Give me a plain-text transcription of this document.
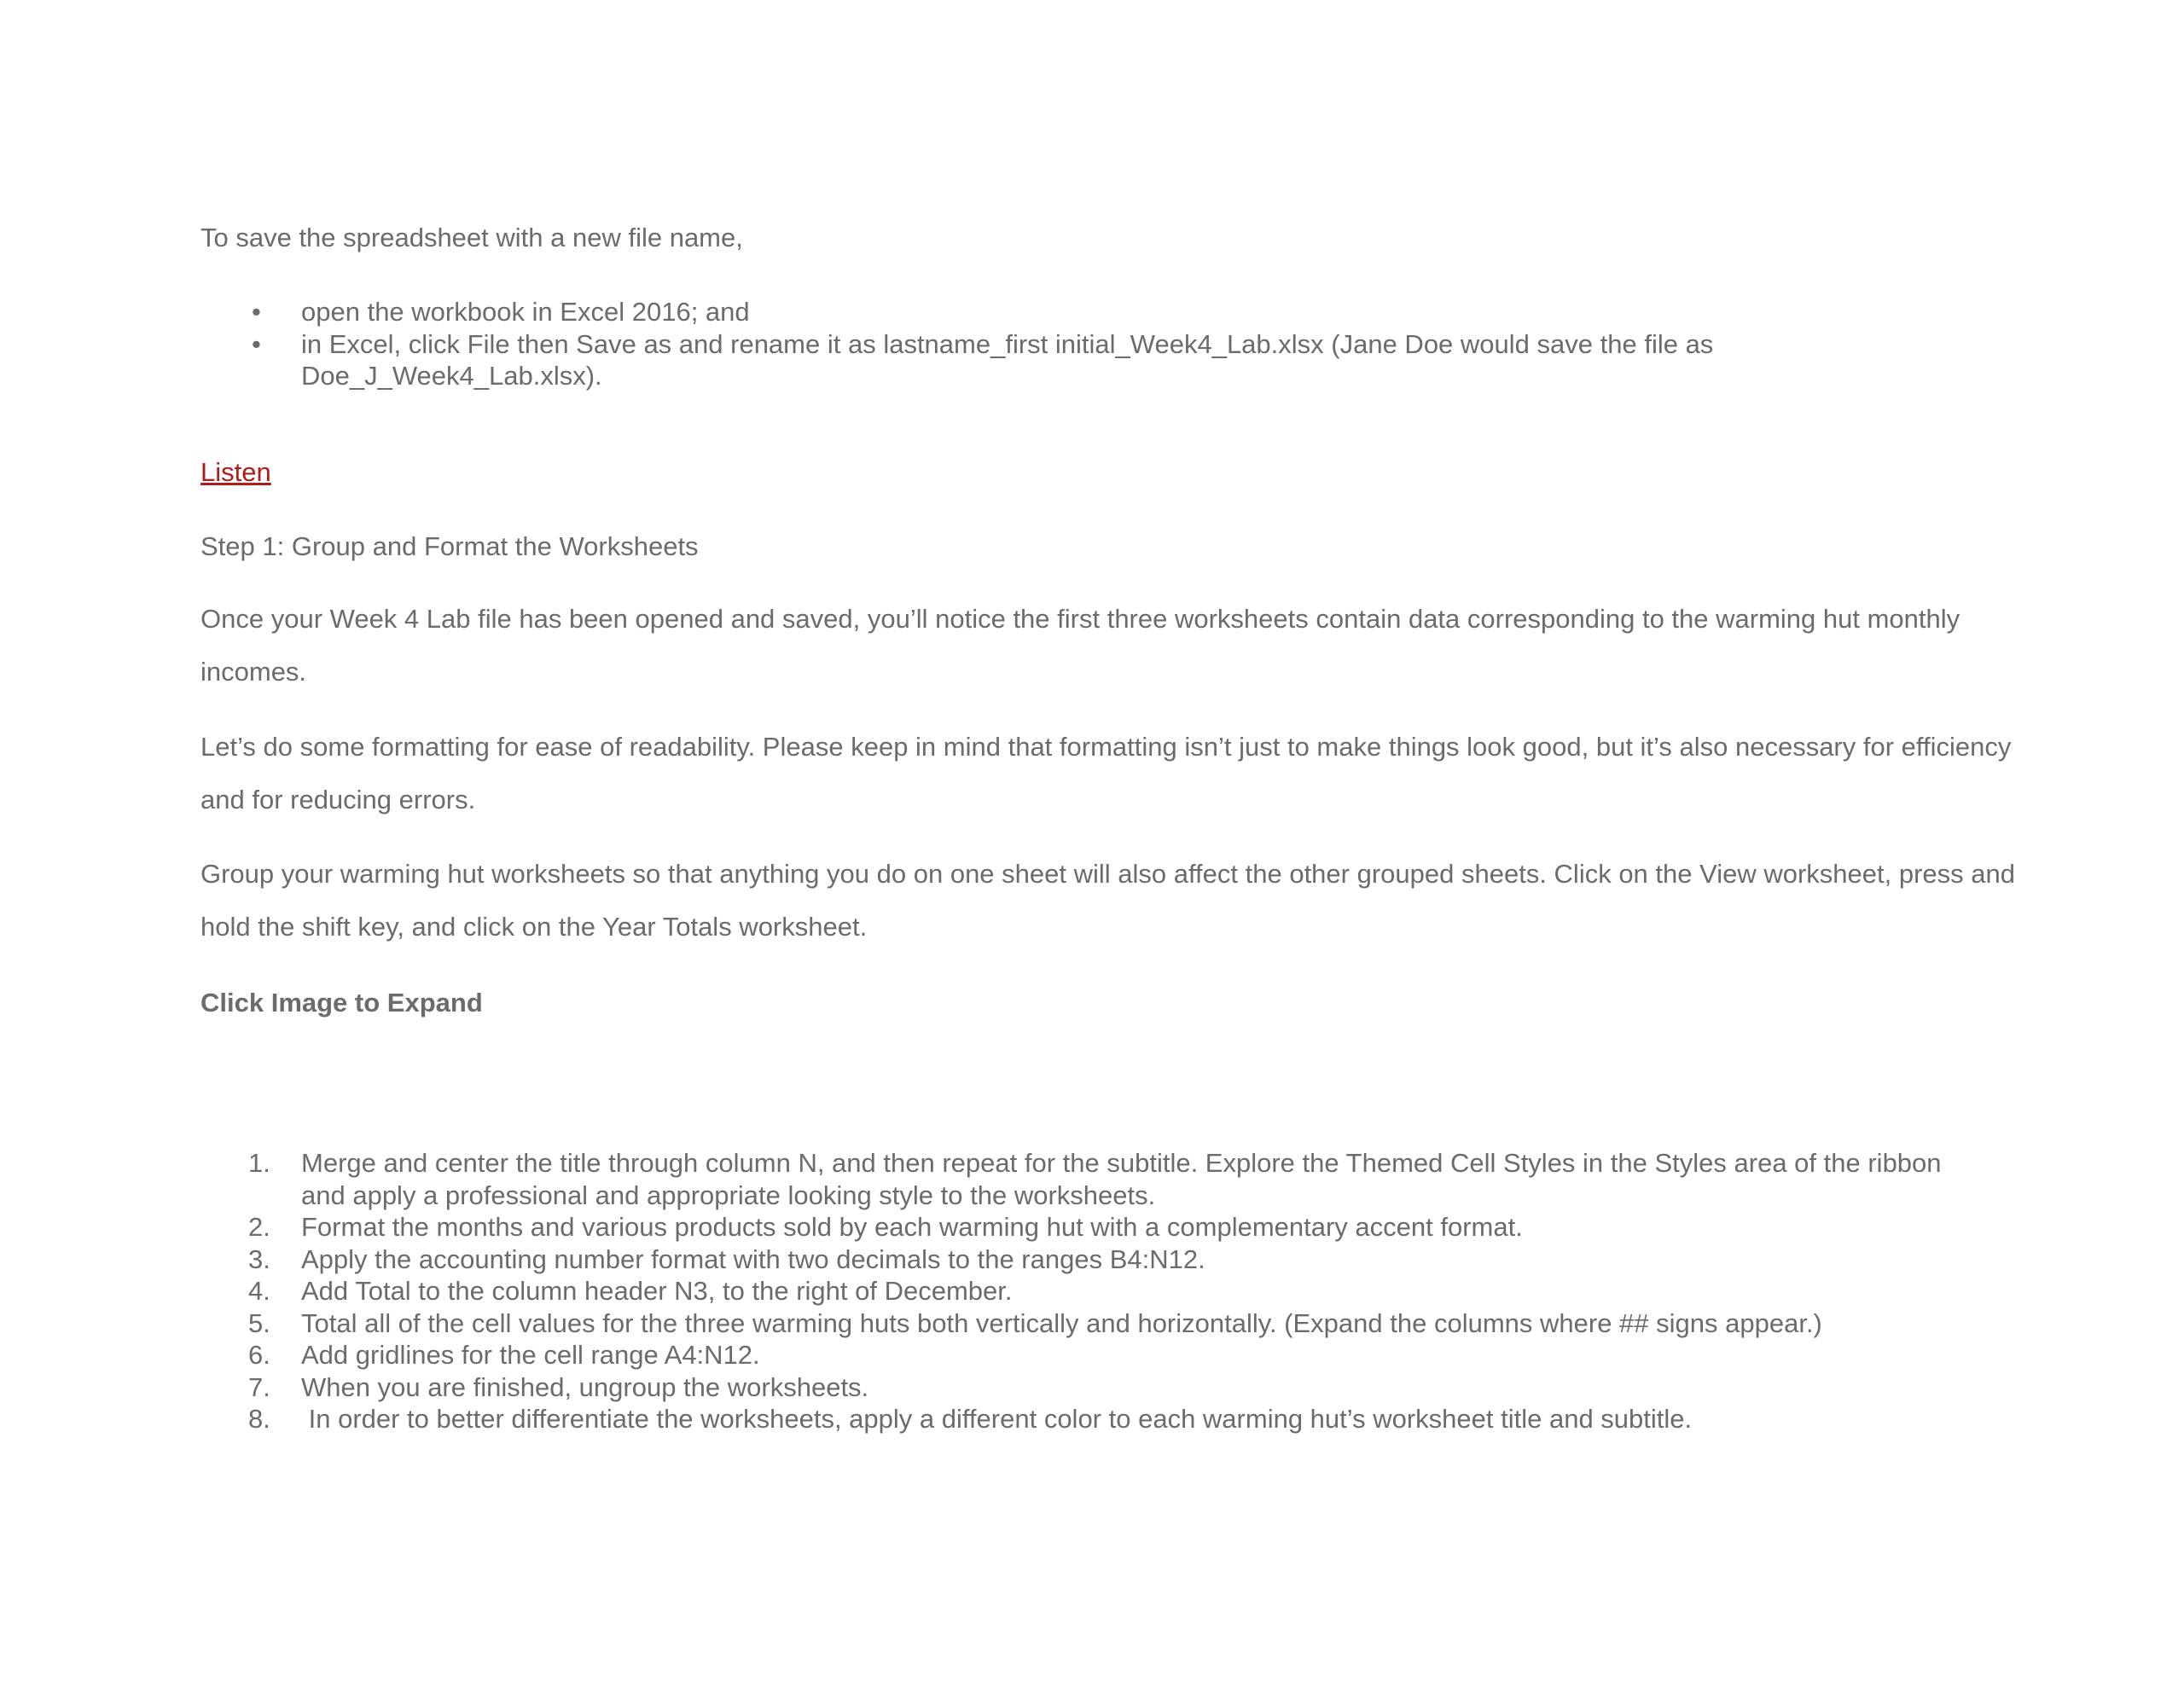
To save the spreadsheet with a new file name,

•	open the workbook in Excel 2016; and
•	in Excel, click File then Save as and rename it as lastname_first initial_Week4_Lab.xlsx (Jane Doe would save the file as Doe_J_Week4_Lab.xlsx).

Listen

Step 1: Group and Format the Worksheets

Once your Week 4 Lab file has been opened and saved, you’ll notice the first three worksheets contain data corresponding to the warming hut monthly incomes.

Let’s do some formatting for ease of readability. Please keep in mind that formatting isn’t just to make things look good, but it’s also necessary for efficiency and for reducing errors.

Group your warming hut worksheets so that anything you do on one sheet will also affect the other grouped sheets. Click on the View worksheet, press and hold the shift key, and click on the Year Totals worksheet.

Click Image to Expand

1.	Merge and center the title through column N, and then repeat for the subtitle. Explore the Themed Cell Styles in the Styles area of the ribbon and apply a professional and appropriate looking style to the worksheets.
2.	Format the months and various products sold by each warming hut with a complementary accent format.
3.	Apply the accounting number format with two decimals to the ranges B4:N12.
4.	Add Total to the column header N3, to the right of December.
5.	Total all of the cell values for the three warming huts both vertically and horizontally. (Expand the columns where ## signs appear.)
6.	Add gridlines for the cell range A4:N12.
7.	When you are finished, ungroup the worksheets.
8.	In order to better differentiate the worksheets, apply a different color to each warming hut’s worksheet title and subtitle.
